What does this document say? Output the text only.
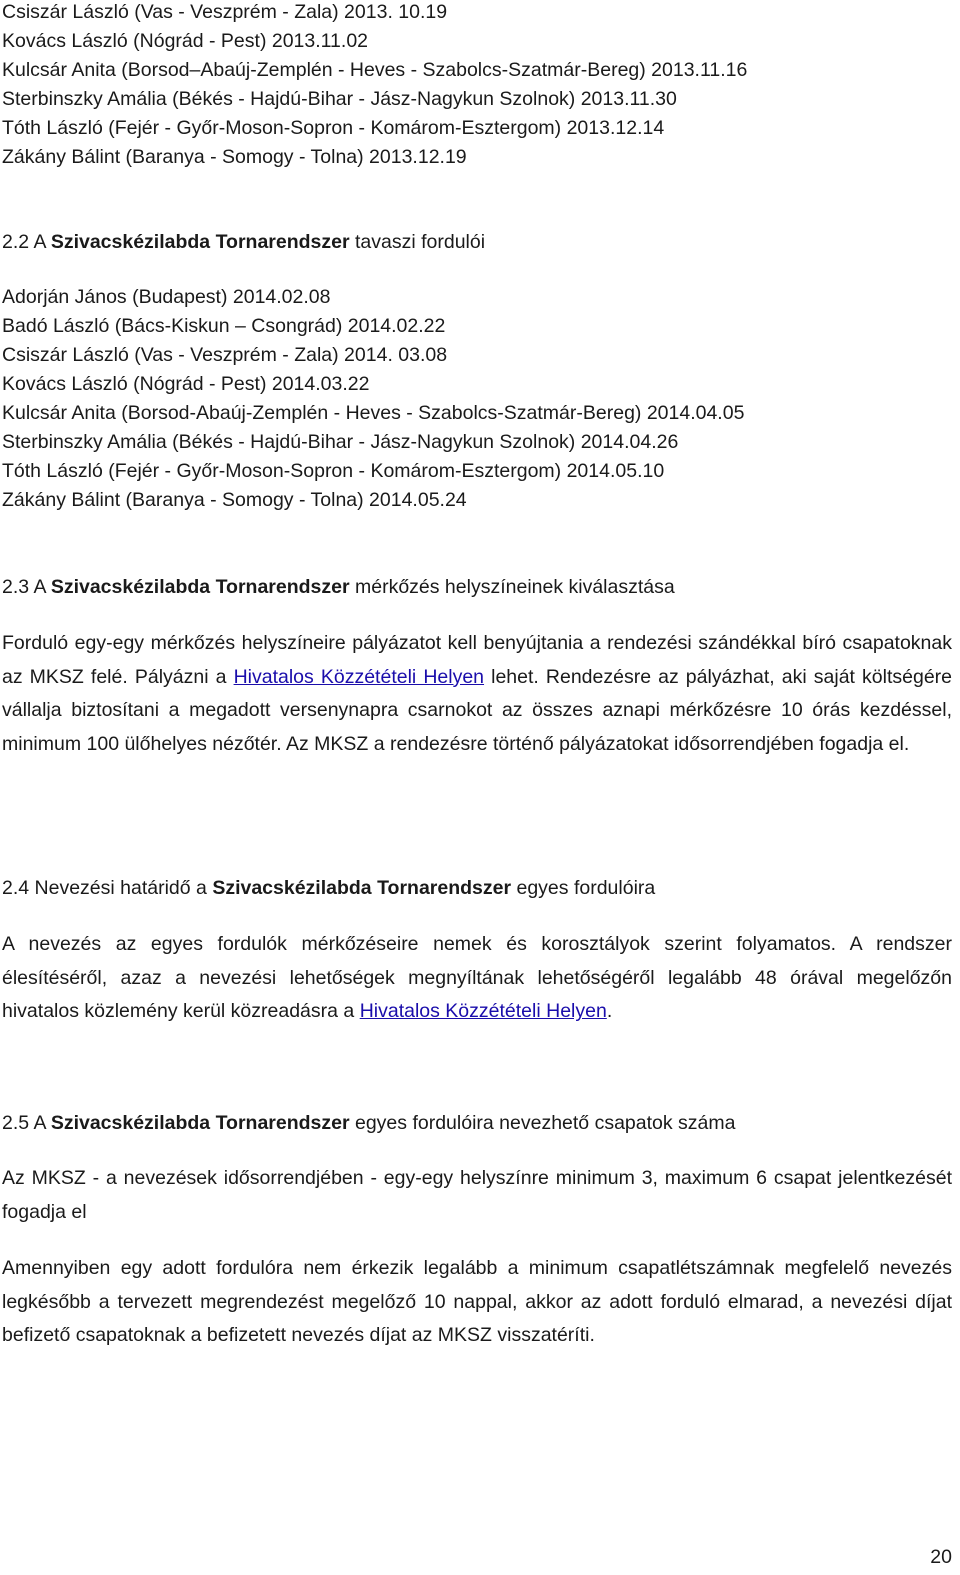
Csiszár László (Vas - Veszprém - Zala) 2013. 10.19
Kovács László (Nógrád - Pest) 2013.11.02
Kulcsár Anita (Borsod–Abaúj-Zemplén - Heves - Szabolcs-Szatmár-Bereg) 2013.11.16
Sterbinszky Amália (Békés - Hajdú-Bihar - Jász-Nagykun Szolnok) 2013.11.30
Tóth László (Fejér - Győr-Moson-Sopron - Komárom-Esztergom) 2013.12.14
Zákány Bálint (Baranya - Somogy - Tolna) 2013.12.19
2.2 A Szivacskézilabda Tornarendszer tavaszi fordulói
Adorján János (Budapest) 2014.02.08
Badó László (Bács-Kiskun – Csongrád) 2014.02.22
Csiszár László (Vas - Veszprém - Zala) 2014. 03.08
Kovács László (Nógrád - Pest) 2014.03.22
Kulcsár Anita (Borsod-Abaúj-Zemplén - Heves - Szabolcs-Szatmár-Bereg) 2014.04.05
Sterbinszky Amália (Békés - Hajdú-Bihar - Jász-Nagykun Szolnok) 2014.04.26
Tóth László (Fejér - Győr-Moson-Sopron - Komárom-Esztergom) 2014.05.10
Zákány Bálint (Baranya - Somogy - Tolna) 2014.05.24
2.3 A Szivacskézilabda Tornarendszer mérkőzés helyszíneinek kiválasztása
Forduló egy-egy mérkőzés helyszíneire pályázatot kell benyújtania a rendezési szándékkal bíró csapatoknak az MKSZ felé. Pályázni a Hivatalos Közzétételi Helyen lehet. Rendezésre az pályázhat, aki saját költségére vállalja biztosítani a megadott versenynapra csarnokot az összes aznapi mérkőzésre 10 órás kezdéssel, minimum 100 ülőhelyes nézőtér. Az MKSZ a rendezésre történő pályázatokat idősorrendjében fogadja el.
2.4 Nevezési határidő a Szivacskézilabda Tornarendszer egyes fordulóira
A nevezés az egyes fordulók mérkőzéseire nemek és korosztályok szerint folyamatos. A rendszer élesítéséről, azaz a nevezési lehetőségek megnyíltának lehetőségéről legalább 48 órával megelőzőn hivatalos közlemény kerül közreadásra a Hivatalos Közzétételi Helyen.
2.5 A Szivacskézilabda Tornarendszer egyes fordulóira nevezhető csapatok száma
Az MKSZ - a nevezések idősorrendjében - egy-egy helyszínre minimum 3, maximum 6 csapat jelentkezését fogadja el
Amennyiben egy adott fordulóra nem érkezik legalább a minimum csapatlétszámnak megfelelő nevezés legkésőbb a tervezett megrendezést megelőző 10 nappal, akkor az adott forduló elmarad, a nevezési díjat befizető csapatoknak a befizetett nevezés díjat az MKSZ visszatéríti.
20
